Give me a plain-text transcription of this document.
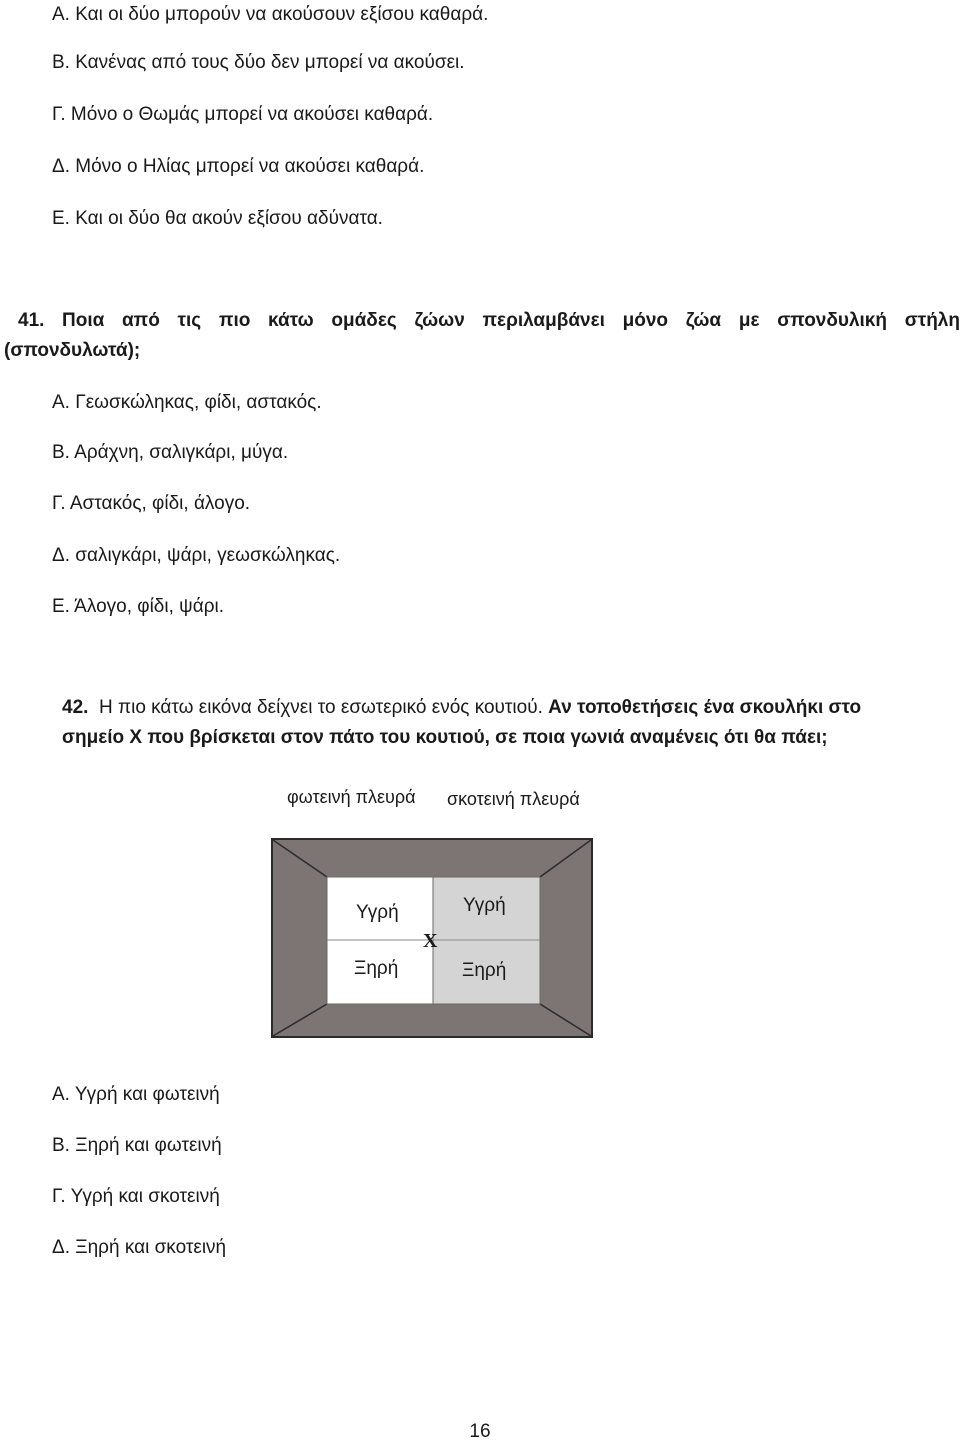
Α. Και οι δύο μπορούν να ακούσουν εξίσου καθαρά.
Β. Κανένας από τους δύο δεν μπορεί να ακούσει.
Γ. Μόνο ο Θωμάς μπορεί να ακούσει καθαρά.
Δ. Μόνο ο Ηλίας μπορεί να ακούσει καθαρά.
Ε. Και οι δύο θα ακούν εξίσου αδύνατα.
41. Ποια από τις πιο κάτω ομάδες ζώων περιλαμβάνει μόνο ζώα με σπονδυλική στήλη
(σπονδυλωτά);
Α. Γεωσκώληκας, φίδι, αστακός.
Β. Αράχνη, σαλιγκάρι, μύγα.
Γ. Αστακός, φίδι, άλογο.
Δ. σαλιγκάρι, ψάρι, γεωσκώληκας.
Ε. Άλογο, φίδι, ψάρι.
42. Η πιο κάτω εικόνα δείχνει το εσωτερικό ενός κουτιού. Αν τοποθετήσεις ένα σκουλήκι στο
σημείο Χ που βρίσκεται στον πάτο του κουτιού, σε ποια γωνιά αναμένεις ότι θα πάει;
φωτεινή πλευρά σκοτεινή πλευρά
Υγρή
Ξηρή
Υγρή
Ξηρή
X
Α. Υγρή και φωτεινή
Β. Ξηρή και φωτεινή
Γ. Υγρή και σκοτεινή
Δ. Ξηρή και σκοτεινή
16
